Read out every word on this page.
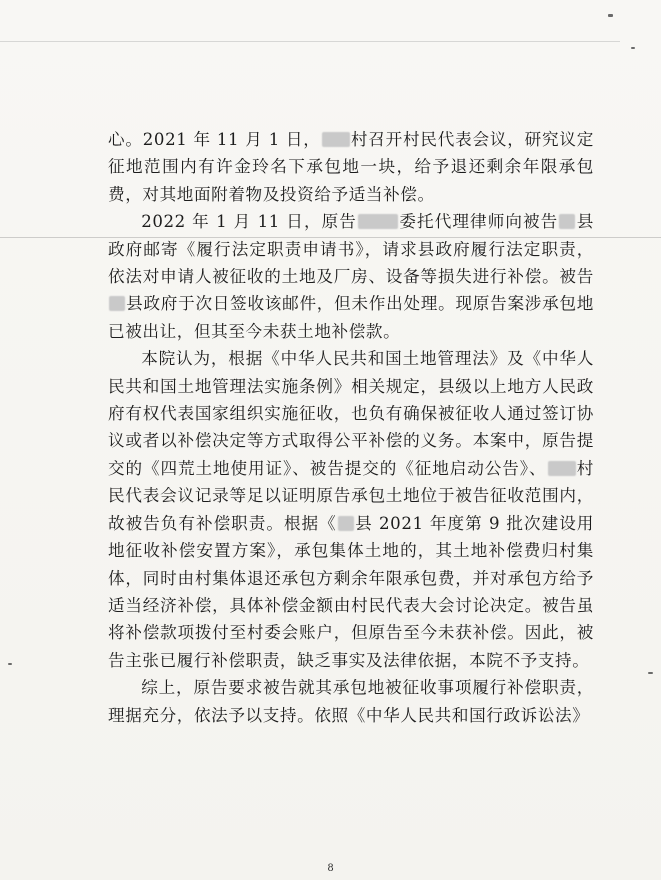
心。2021 年 11 月 1 日， 村召开村民代表会议，研究议定征地范围内有许金玲名下承包地一块，给予退还剩余年限承包费，对其地面附着物及投资给予适当补偿。

2022 年 1 月 11 日，原告	委托代理律师向被告 县政府邮寄《履行法定职责申请书》，请求县政府履行法定职责，依法对申请人被征收的土地及厂房、设备等损失进行补偿。被告县政府于次日签收该邮件，但未作出处理。现原告案涉承包地已被出让，但其至今未获土地补偿款。

本院认为，根据《中华人民共和国土地管理法》及《中华人民共和国土地管理法实施条例》相关规定，县级以上地方人民政府有权代表国家组织实施征收，也负有确保被征收人通过签订协议或者以补偿决定等方式取得公平补偿的义务。本案中，原告提交的《四荒土地使用证》、被告提交的《征地启动公告》、 村民代表会议记录等足以证明原告承包土地位于被告征收范围内，故被告负有补偿职责。根据《 县 2021 年度第 9 批次建设用地征收补偿安置方案》，承包集体土地的，其土地补偿费归村集体，同时由村集体退还承包方剩余年限承包费，并对承包方给予适当经济补偿，具体补偿金额由村民代表大会讨论决定。被告虽将补偿款项拨付至村委会账户，但原告至今未获补偿。因此，被告主张已履行补偿职责，缺乏事实及法律依据，本院不予支持。

综上，原告要求被告就其承包地被征收事项履行补偿职责，理据充分，依法予以支持。依照《中华人民共和国行政诉讼法》

8
